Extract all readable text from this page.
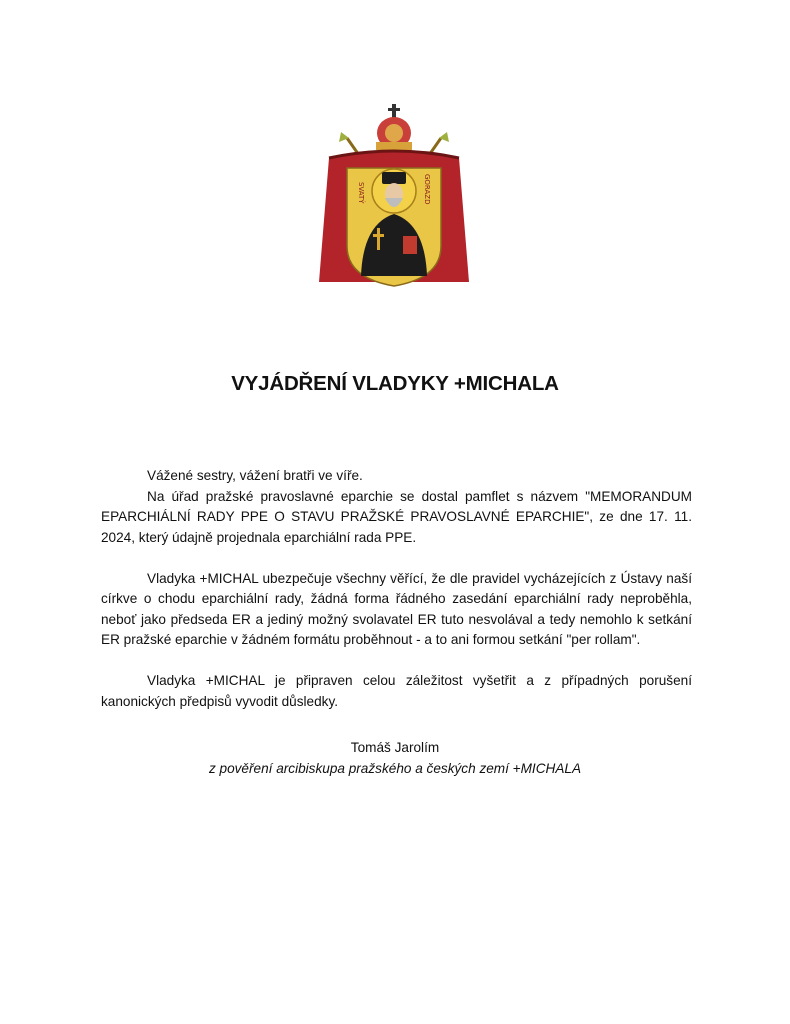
SVATÝ	GORAZD
VYJÁDŘENÍ VLADYKY +MICHALA

Vážené sestry, vážení bratři ve víře.

Na úřad pražské pravoslavné eparchie se dostal pamflet s názvem "MEMORANDUM EPARCHIÁLNÍ RADY PPE O STAVU PRAŽSKÉ PRAVOSLAVNÉ EPARCHIE", ze dne 17. 11. 2024, který údajně projednala eparchiální rada PPE.

Vladyka +MICHAL ubezpečuje všechny věřící, že dle pravidel vycházejících z Ústavy naší církve o chodu eparchiální rady, žádná forma řádného zasedání eparchiální rady neproběhla, neboť jako předseda ER a jediný možný svolavatel ER tuto nesvolával a tedy nemohlo k setkání ER pražské eparchie v žádném formátu proběhnout - a to ani formou setkání "per rollam".

Vladyka +MICHAL je připraven celou záležitost vyšetřit a z případných porušení kanonických předpisů vyvodit důsledky.

Tomáš Jarolím
z pověření arcibiskupa pražského a českých zemí +MICHALA
